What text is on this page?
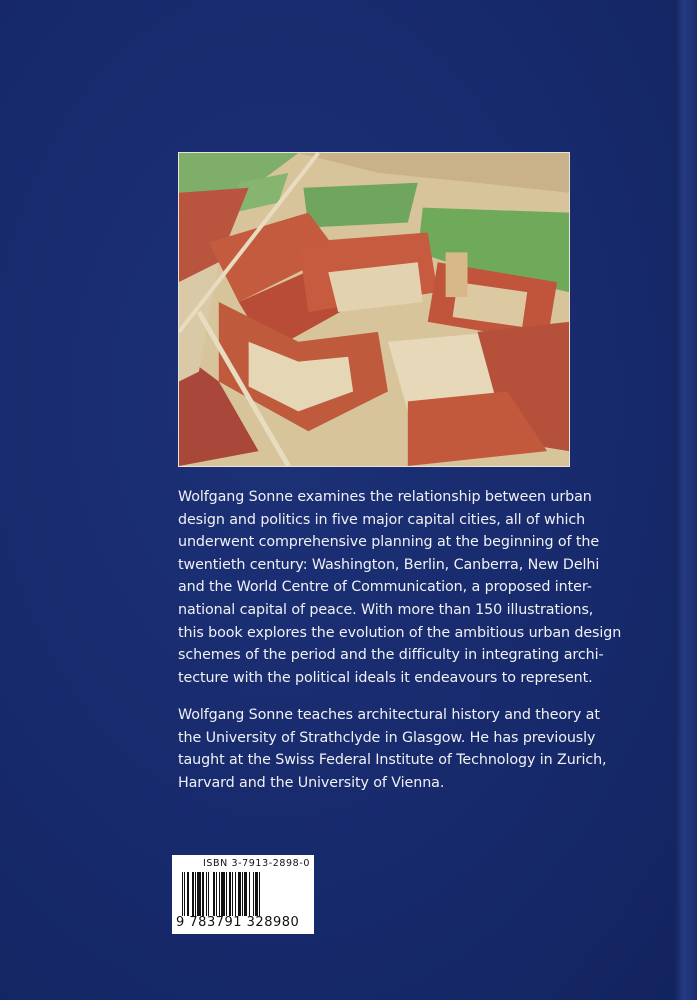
Wolfgang Sonne examines the relationship between urban
design and politics in five major capital cities, all of which
underwent comprehensive planning at the beginning of the
twentieth century: Washington, Berlin, Canberra, New Delhi
and the World Centre of Communication, a proposed inter-
national capital of peace. With more than 150 illustrations,
this book explores the evolution of the ambitious urban design
schemes of the period and the difficulty in integrating archi-
tecture with the political ideals it endeavours to represent.
Wolfgang Sonne teaches architectural history and theory at
the University of Strathclyde in Glasgow. He has previously
taught at the Swiss Federal Institute of Technology in Zurich,
Harvard and the University of Vienna.
ISBN 3-7913-2898-0
9 783791 328980
